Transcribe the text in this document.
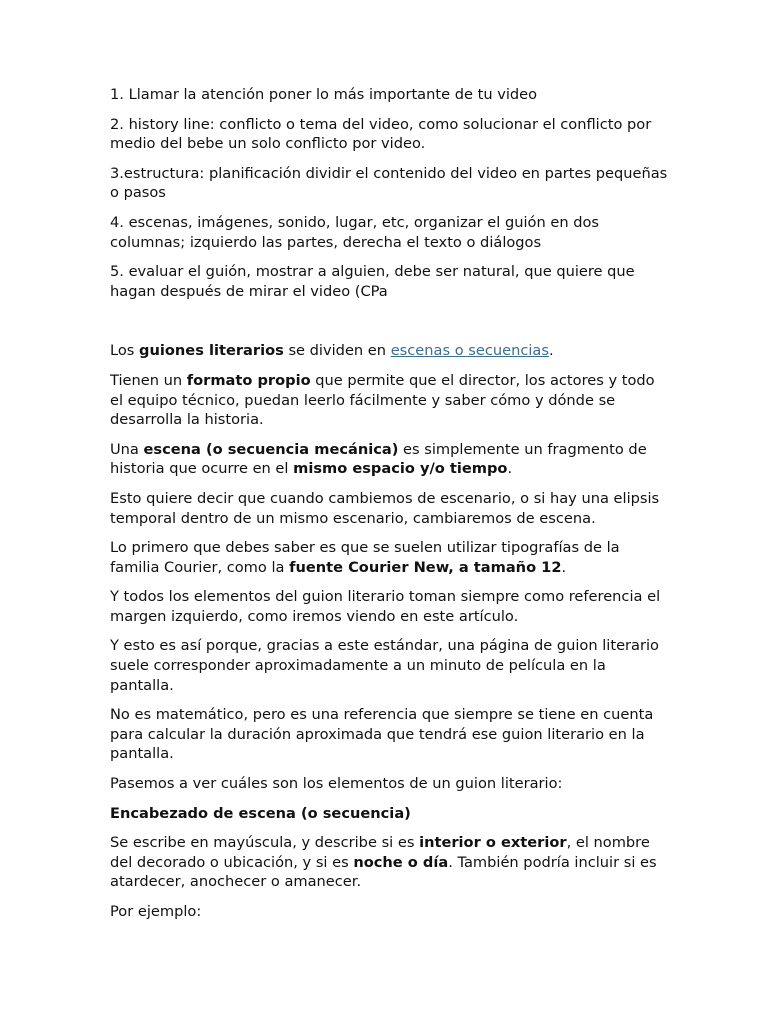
1. Llamar la atención poner lo más importante de tu video

2. history line: conflicto o tema del video, como solucionar el conflicto por medio del bebe un solo conflicto por video.

3.estructura: planificación dividir el contenido del video en partes pequeñas o pasos

4. escenas, imágenes, sonido, lugar, etc, organizar el guión en dos columnas; izquierdo las partes, derecha el texto o diálogos

5. evaluar el guión, mostrar a alguien, debe ser natural, que quiere que hagan después de mirar el video (CPa

Los guiones literarios se dividen en escenas o secuencias.

Tienen un formato propio que permite que el director, los actores y todo el equipo técnico, puedan leerlo fácilmente y saber cómo y dónde se desarrolla la historia.

Una escena (o secuencia mecánica) es simplemente un fragmento de historia que ocurre en el mismo espacio y/o tiempo.

Esto quiere decir que cuando cambiemos de escenario, o si hay una elipsis temporal dentro de un mismo escenario, cambiaremos de escena.

Lo primero que debes saber es que se suelen utilizar tipografías de la familia Courier, como la fuente Courier New, a tamaño 12.

Y todos los elementos del guion literario toman siempre como referencia el margen izquierdo, como iremos viendo en este artículo.

Y esto es así porque, gracias a este estándar, una página de guion literario suele corresponder aproximadamente a un minuto de película en la pantalla.

No es matemático, pero es una referencia que siempre se tiene en cuenta para calcular la duración aproximada que tendrá ese guion literario en la pantalla.

Pasemos a ver cuáles son los elementos de un guion literario:

Encabezado de escena (o secuencia)

Se escribe en mayúscula, y describe si es interior o exterior, el nombre del decorado o ubicación, y si es noche o día. También podría incluir si es atardecer, anochecer o amanecer.

Por ejemplo:
